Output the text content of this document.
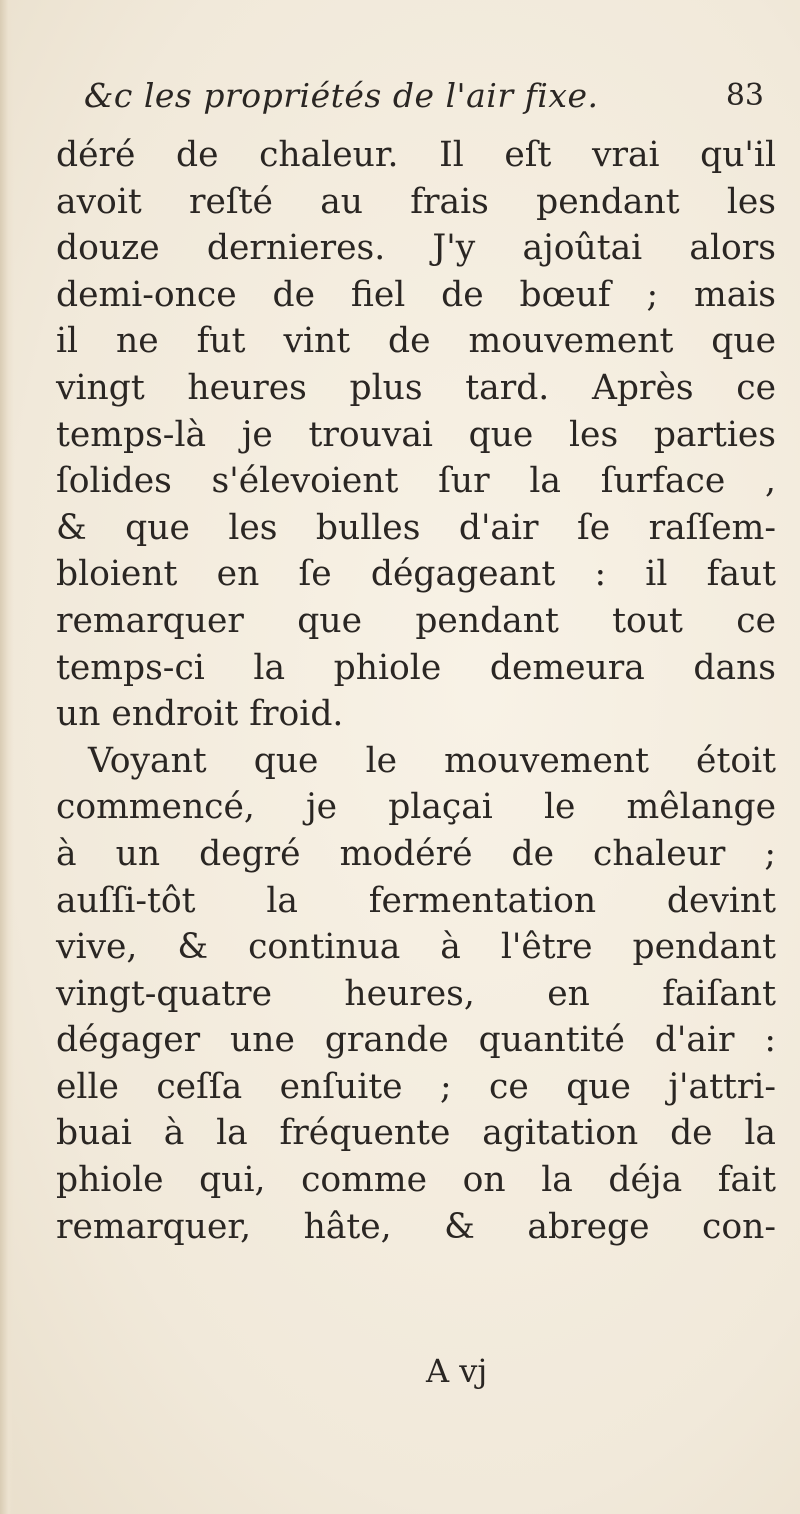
&c les propriétés de l'air fixe.	83
déré de chaleur. Il eſt vrai qu'il
avoit reſté au frais pendant les
douze dernieres. J'y ajoûtai alors
demi-once de fiel de bœuf ; mais
il ne fut vint de mouvement que
vingt heures plus tard. Après ce
temps-là je trouvai que les parties
ſolides s'élevoient ſur la ſurface ,
& que les bulles d'air ſe raſſem-
bloient en ſe dégageant : il faut
remarquer que pendant tout ce
temps-ci la phiole demeura dans
un endroit froid.
Voyant que le mouvement étoit
commencé, je plaçai le mêlange
à un degré modéré de chaleur ;
auſſi-tôt la fermentation devint
vive, & continua à l'être pendant
vingt-quatre heures, en faiſant
dégager une grande quantité d'air :
elle ceſſa enſuite ; ce que j'attri-
buai à la fréquente agitation de la
phiole qui, comme on la déja fait
remarquer, hâte, & abrege con-
A vj
